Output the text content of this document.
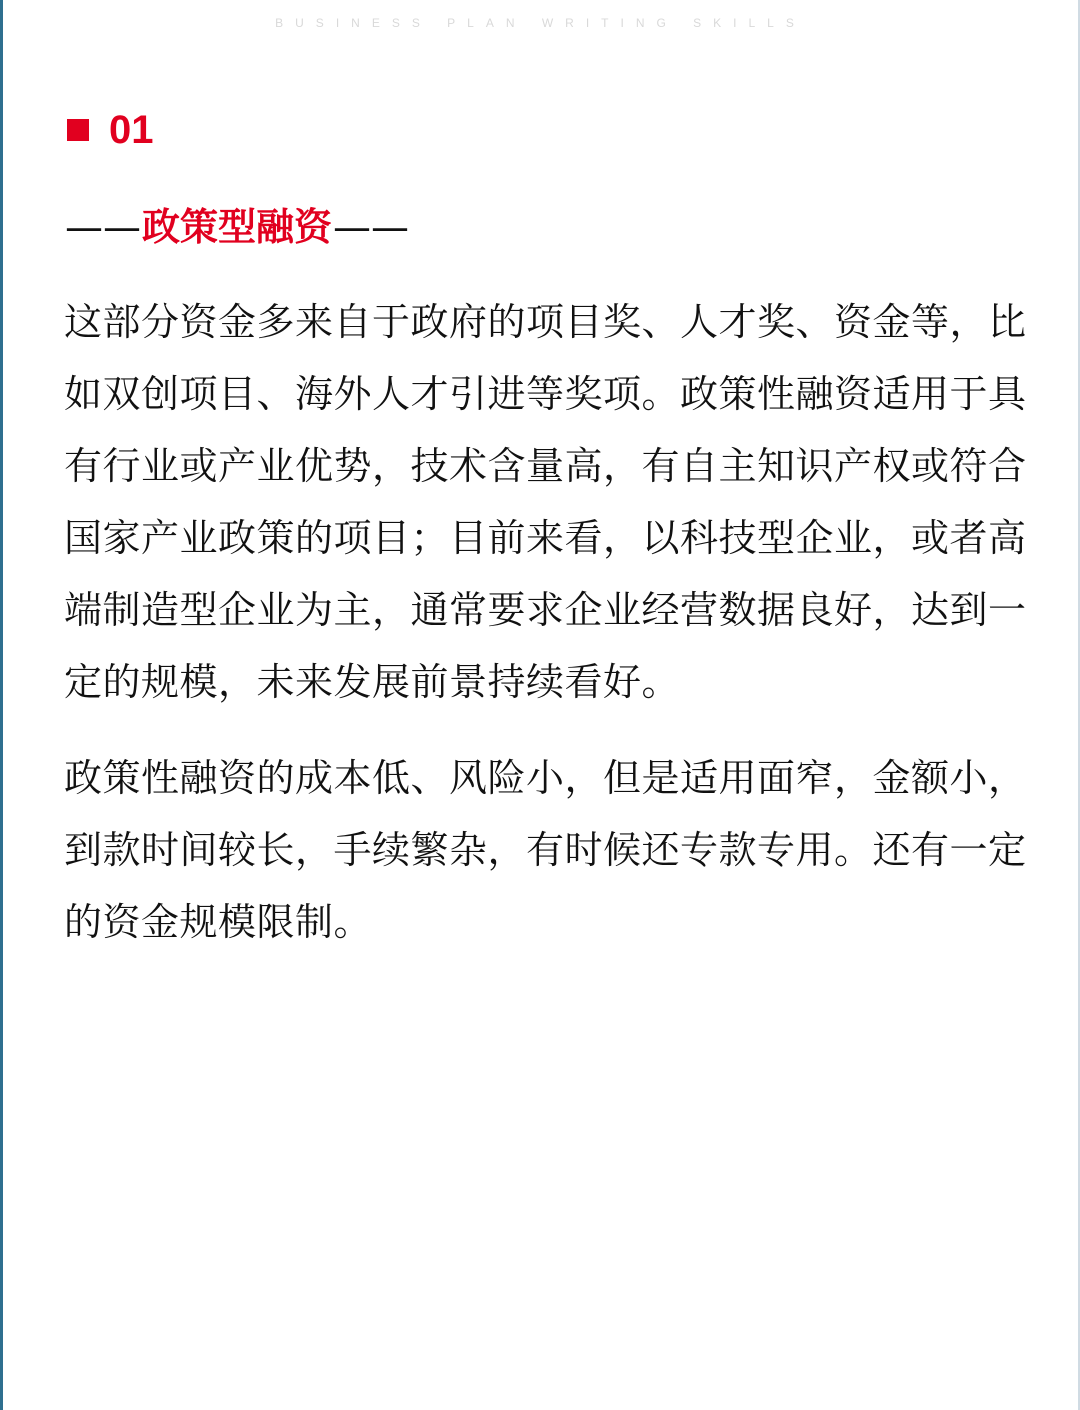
BUSINESS PLAN WRITING SKILLS
01
—— 政策型融资 ——

这部分资金多来自于政府的项目奖、人才奖、资金等，比如双创项目、海外人才引进等奖项。政策性融资适用于具有行业或产业优势，技术含量高，有自主知识产权或符合国家产业政策的项目；目前来看，以科技型企业，或者高端制造型企业为主，通常要求企业经营数据良好，达到一定的规模，未来发展前景持续看好。

政策性融资的成本低、风险小，但是适用面窄，金额小，到款时间较长，手续繁杂，有时候还专款专用。还有一定的资金规模限制。
